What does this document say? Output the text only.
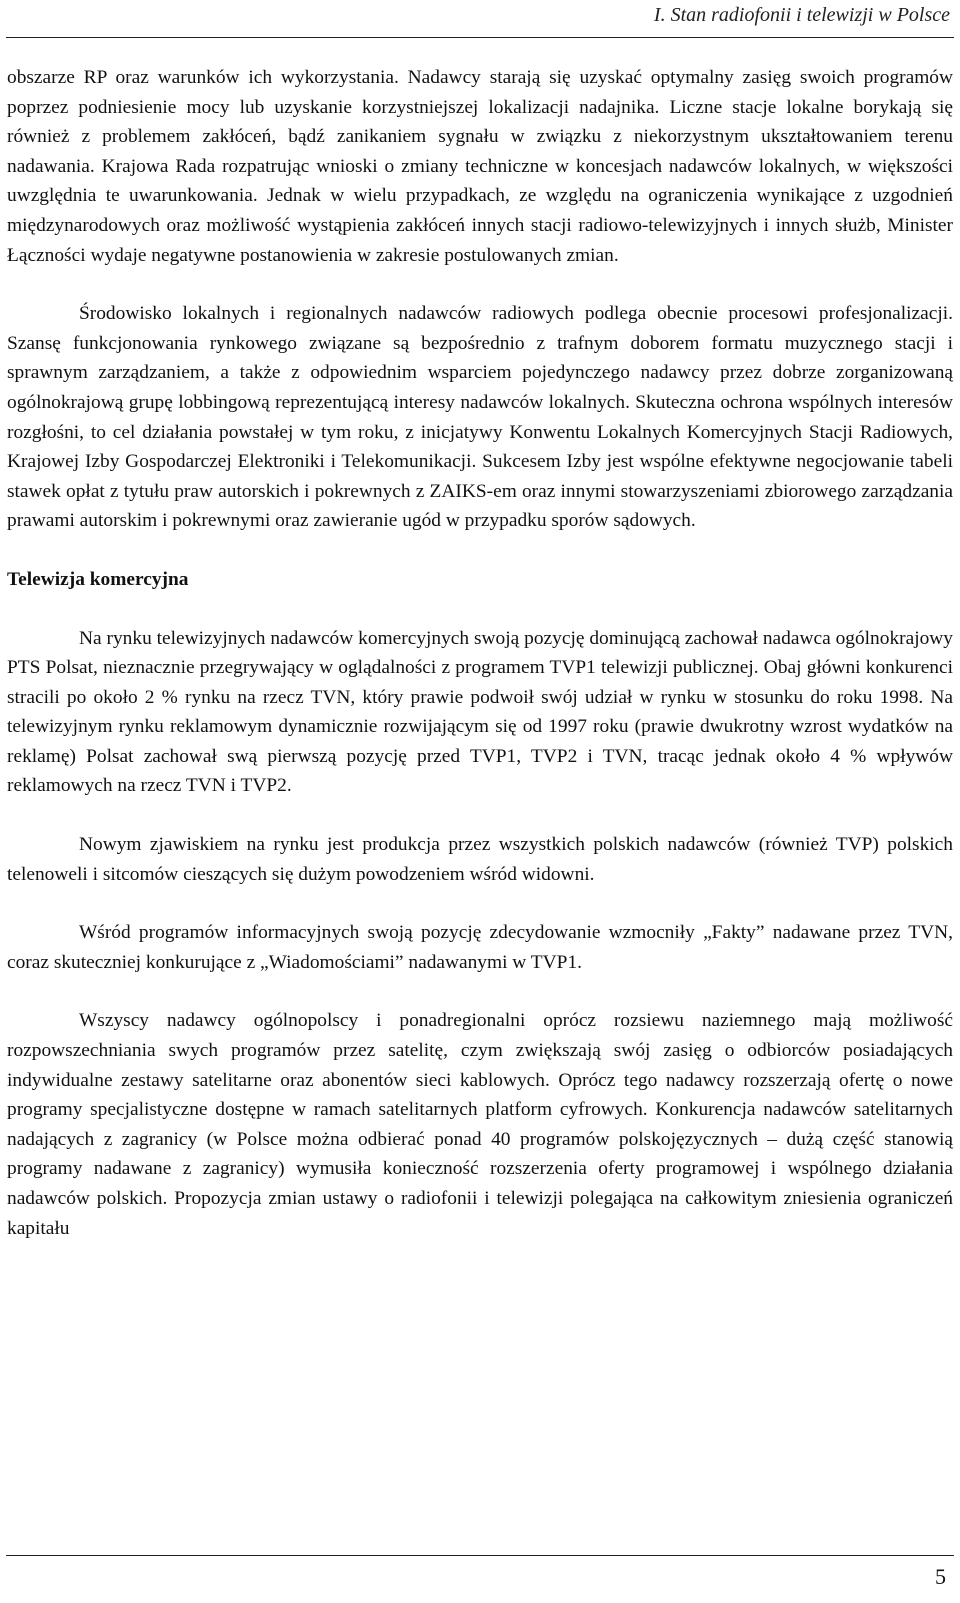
I. Stan radiofonii i telewizji w Polsce

obszarze RP oraz warunków ich wykorzystania. Nadawcy starają się uzyskać optymalny zasięg swoich programów poprzez podniesienie mocy lub uzyskanie korzystniejszej lokalizacji nadajnika. Liczne stacje lokalne borykają się również z problemem zakłóceń, bądź zanikaniem sygnału w związku z niekorzystnym ukształtowaniem terenu nadawania. Krajowa Rada rozpatrując wnioski o zmiany techniczne w koncesjach nadawców lokalnych, w większości uwzględnia te uwarunkowania. Jednak w wielu przypadkach, ze względu na ograniczenia wynikające z uzgodnień międzynarodowych oraz możliwość wystąpienia zakłóceń innych stacji radiowo-telewizyjnych i innych służb, Minister Łączności wydaje negatywne postanowienia w zakresie postulowanych zmian.

Środowisko lokalnych i regionalnych nadawców radiowych podlega obecnie procesowi profesjonalizacji. Szansę funkcjonowania rynkowego związane są bezpośrednio z trafnym doborem formatu muzycznego stacji i sprawnym zarządzaniem, a także z odpowiednim wsparciem pojedynczego nadawcy przez dobrze zorganizowaną ogólnokrajową grupę lobbingową reprezentującą interesy nadawców lokalnych. Skuteczna ochrona wspólnych interesów rozgłośni, to cel działania powstałej w tym roku, z inicjatywy Konwentu Lokalnych Komercyjnych Stacji Radiowych, Krajowej Izby Gospodarczej Elektroniki i Telekomunikacji. Sukcesem Izby jest wspólne efektywne negocjowanie tabeli stawek opłat z tytułu praw autorskich i pokrewnych z ZAIKS-em oraz innymi stowarzyszeniami zbiorowego zarządzania prawami autorskim i pokrewnymi oraz zawieranie ugód w przypadku sporów sądowych.

Telewizja komercyjna

Na rynku telewizyjnych nadawców komercyjnych swoją pozycję dominującą zachował nadawca ogólnokrajowy PTS Polsat, nieznacznie przegrywający w oglądalności z programem TVP1 telewizji publicznej. Obaj główni konkurenci stracili po około 2 % rynku na rzecz TVN, który prawie podwoił swój udział w rynku w stosunku do roku 1998. Na telewizyjnym rynku reklamowym dynamicznie rozwijającym się od 1997 roku (prawie dwukrotny wzrost wydatków na reklamę) Polsat zachował swą pierwszą pozycję przed TVP1, TVP2 i TVN, tracąc jednak około 4 % wpływów reklamowych na rzecz TVN i TVP2.

Nowym zjawiskiem na rynku jest produkcja przez wszystkich polskich nadawców (również TVP) polskich telenoweli i sitcomów cieszących się dużym powodzeniem wśród widowni.

Wśród programów informacyjnych swoją pozycję zdecydowanie wzmocniły „Fakty” nadawane przez TVN, coraz skuteczniej konkurujące z „Wiadomościami” nadawanymi w TVP1.

Wszyscy nadawcy ogólnopolscy i ponadregionalni oprócz rozsiewu naziemnego mają możliwość rozpowszechniania swych programów przez satelitę, czym zwiększają swój zasięg o odbiorców posiadających indywidualne zestawy satelitarne oraz abonentów sieci kablowych. Oprócz tego nadawcy rozszerzają ofertę o nowe programy specjalistyczne dostępne w ramach satelitarnych platform cyfrowych. Konkurencja nadawców satelitarnych nadających z zagranicy (w Polsce można odbierać ponad 40 programów polskojęzycznych – dużą część stanowią programy nadawane z zagranicy) wymusiła konieczność rozszerzenia oferty programowej i wspólnego działania nadawców polskich. Propozycja zmian ustawy o radiofonii i telewizji polegająca na całkowitym zniesienia ograniczeń kapitału

5
